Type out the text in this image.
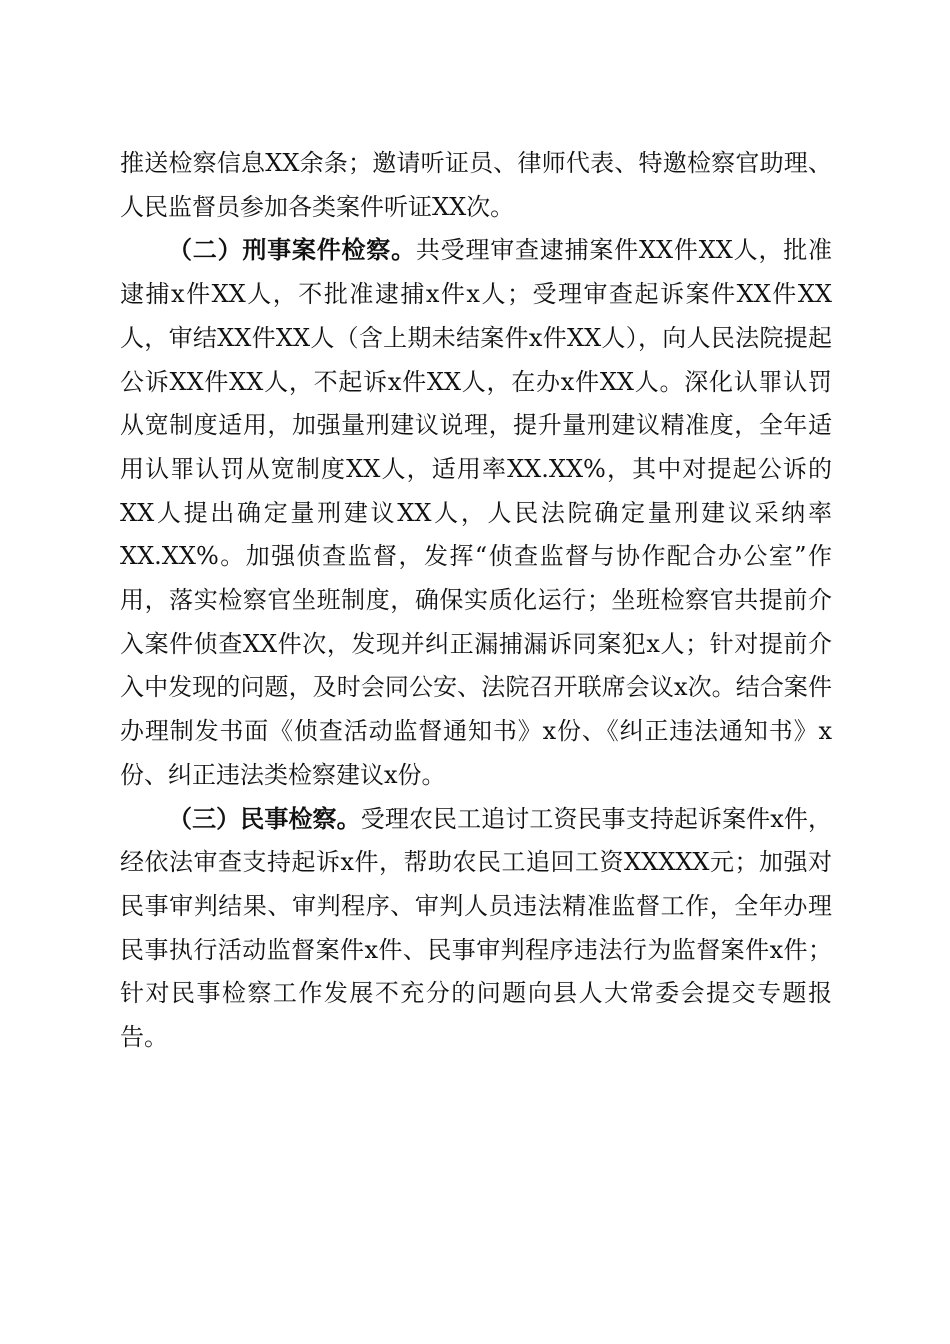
推送检察信息XX余条；邀请听证员、律师代表、特邀检察官助理、人民监督员参加各类案件听证XX次。

（二）刑事案件检察。共受理审查逮捕案件XX件XX人，批准逮捕x件XX人，不批准逮捕x件x人；受理审查起诉案件XX件XX人，审结XX件XX人（含上期未结案件x件XX人），向人民法院提起公诉XX件XX人，不起诉x件XX人，在办x件XX人。深化认罪认罚从宽制度适用，加强量刑建议说理，提升量刑建议精准度，全年适用认罪认罚从宽制度XX人，适用率XX.XX%，其中对提起公诉的XX人提出确定量刑建议XX人，人民法院确定量刑建议采纳率XX.XX%。加强侦查监督，发挥“侦查监督与协作配合办公室”作用，落实检察官坐班制度，确保实质化运行；坐班检察官共提前介入案件侦查XX件次，发现并纠正漏捕漏诉同案犯x人；针对提前介入中发现的问题，及时会同公安、法院召开联席会议x次。结合案件办理制发书面《侦查活动监督通知书》x份、《纠正违法通知书》x份、纠正违法类检察建议x份。

（三）民事检察。受理农民工追讨工资民事支持起诉案件x件，经依法审查支持起诉x件，帮助农民工追回工资XXXXX元；加强对民事审判结果、审判程序、审判人员违法精准监督工作，全年办理民事执行活动监督案件x件、民事审判程序违法行为监督案件x件；针对民事检察工作发展不充分的问题向县人大常委会提交专题报告。
